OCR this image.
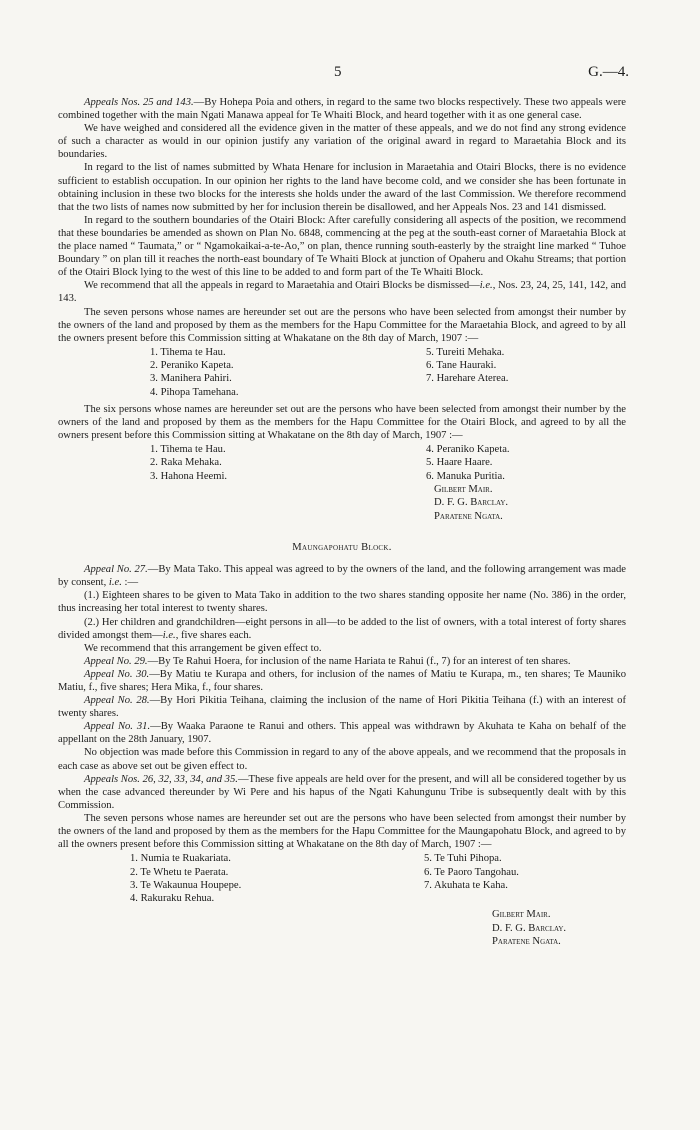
5	G.—4.

Appeals Nos. 25 and 143.—By Hohepa Poia and others, in regard to the same two blocks respectively. These two appeals were combined together with the main Ngati Manawa appeal for Te Whaiti Block, and heard together with it as one general case.

We have weighed and considered all the evidence given in the matter of these appeals, and we do not find any strong evidence of such a character as would in our opinion justify any variation of the original award in regard to Maraetahia Block and its boundaries.

In regard to the list of names submitted by Whata Henare for inclusion in Maraetahia and Otairi Blocks, there is no evidence sufficient to establish occupation. In our opinion her rights to the land have become cold, and we consider she has been fortunate in obtaining inclusion in these two blocks for the interests she holds under the award of the last Commission. We therefore recommend that the two lists of names now submitted by her for inclusion therein be disallowed, and her Appeals Nos. 23 and 141 dismissed.

In regard to the southern boundaries of the Otairi Block: After carefully considering all aspects of the position, we recommend that these boundaries be amended as shown on Plan No. 6848, commencing at the peg at the south-east corner of Maraetahia Block at the place named “ Taumata,” or “ Ngamokaikai-a-te-Ao,” on plan, thence running south-easterly by the straight line marked “ Tuhoe Boundary ” on plan till it reaches the north-east boundary of Te Whaiti Block at junction of Opaheru and Okahu Streams; that portion of the Otairi Block lying to the west of this line to be added to and form part of the Te Whaiti Block.

We recommend that all the appeals in regard to Maraetahia and Otairi Blocks be dismissed—i.e., Nos. 23, 24, 25, 141, 142, and 143.

The seven persons whose names are hereunder set out are the persons who have been selected from amongst their number by the owners of the land and proposed by them as the members for the Hapu Committee for the Maraetahia Block, and agreed to by all the owners present before this Commission sitting at Whakatane on the 8th day of March, 1907 :—

1. Tihema te Hau.
2. Peraniko Kapeta.
3. Manihera Pahiri.
4. Pihopa Tamehana.
5. Tureiti Mehaka.
6. Tane Hauraki.
7. Harehare Aterea.

The six persons whose names are hereunder set out are the persons who have been selected from amongst their number by the owners of the land and proposed by them as the members for the Hapu Committee for the Otairi Block, and agreed to by all the owners present before this Commission sitting at Whakatane on the 8th day of March, 1907 :—

1. Tihema te Hau.
2. Raka Mehaka.
3. Hahona Heemi.
4. Peraniko Kapeta.
5. Haare Haare.
6. Manuka Puritia.
Gilbert Mair.
D. F. G. Barclay.
Paratene Ngata.
Maungapohatu Block.

Appeal No. 27.—By Mata Tako. This appeal was agreed to by the owners of the land, and the following arrangement was made by consent, i.e. :—

(1.) Eighteen shares to be given to Mata Tako in addition to the two shares standing opposite her name (No. 386) in the order, thus increasing her total interest to twenty shares.

(2.) Her children and grandchildren—eight persons in all—to be added to the list of owners, with a total interest of forty shares divided amongst them—i.e., five shares each.

We recommend that this arrangement be given effect to.

Appeal No. 29.—By Te Rahui Hoera, for inclusion of the name Hariata te Rahui (f., 7) for an interest of ten shares.

Appeal No. 30.—By Matiu te Kurapa and others, for inclusion of the names of Matiu te Kurapa, m., ten shares; Te Mauniko Matiu, f., five shares; Hera Mika, f., four shares.

Appeal No. 28.—By Hori Pikitia Teihana, claiming the inclusion of the name of Hori Pikitia Teihana (f.) with an interest of twenty shares.

Appeal No. 31.—By Waaka Paraone te Ranui and others. This appeal was withdrawn by Akuhata te Kaha on behalf of the appellant on the 28th January, 1907.

No objection was made before this Commission in regard to any of the above appeals, and we recommend that the proposals in each case as above set out be given effect to.

Appeals Nos. 26, 32, 33, 34, and 35.—These five appeals are held over for the present, and will all be considered together by us when the case advanced thereunder by Wi Pere and his hapus of the Ngati Kahungunu Tribe is subsequently dealt with by this Commission.

The seven persons whose names are hereunder set out are the persons who have been selected from amongst their number by the owners of the land and proposed by them as the members for the Hapu Committee for the Maungapohatu Block, and agreed to by all the owners present before this Commission sitting at Whakatane on the 8th day of March, 1907 :—

1. Numia te Ruakariata.
2. Te Whetu te Paerata.
3. Te Wakaunua Houpepe.
4. Rakuraku Rehua.
5. Te Tuhi Pihopa.
6. Te Paoro Tangohau.
7. Akuhata te Kaha.
Gilbert Mair.
D. F. G. Barclay.
Paratene Ngata.
